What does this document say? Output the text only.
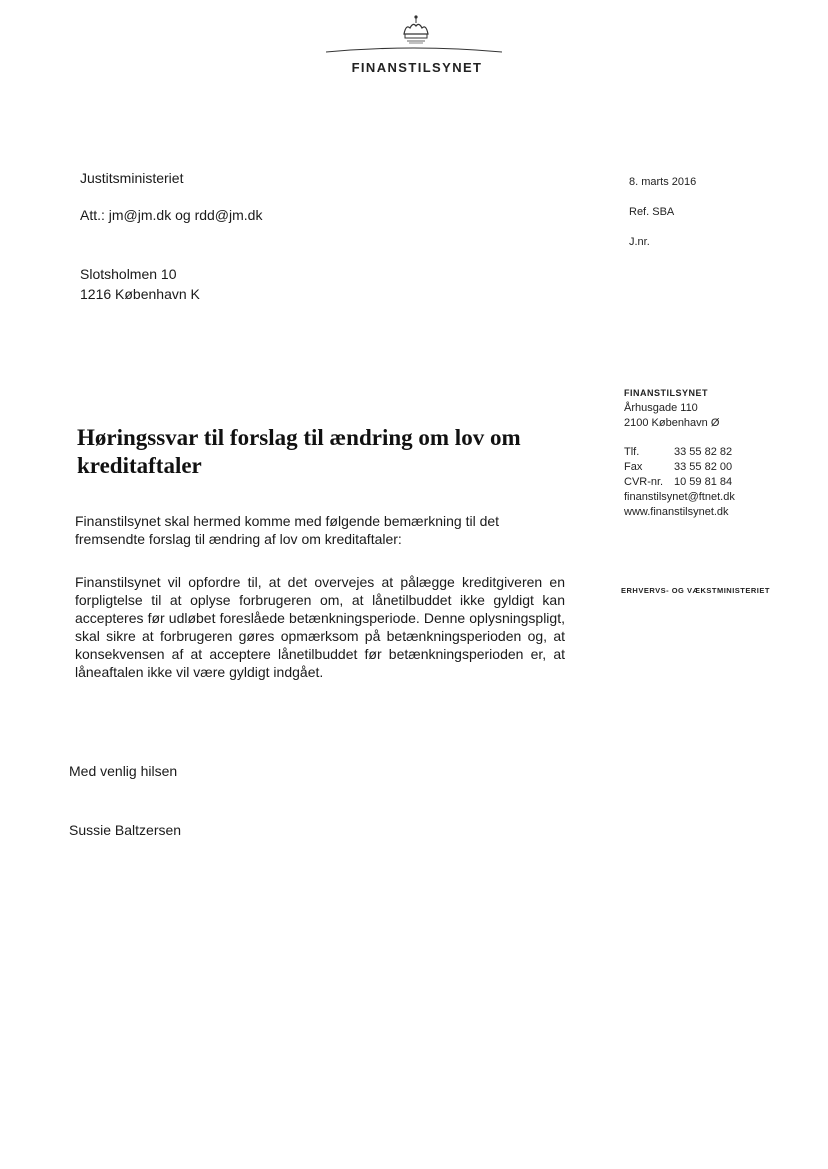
FINANSTILSYNET
Justitsministeriet
Att.: jm@jm.dk og rdd@jm.dk
Slotsholmen 10
1216 København K
8. marts 2016
Ref. SBA
J.nr.
FINANSTILSYNET
Århusgade 110
2100 København Ø
Tlf.	33 55 82 82
Fax	33 55 82 00
CVR-nr. 10 59 81 84
finanstilsynet@ftnet.dk
www.finanstilsynet.dk
ERHVERVS- OG VÆKSTMINISTERIET
Høringssvar til forslag til ændring om lov om kreditaftaler

Finanstilsynet skal hermed komme med følgende bemærkning til det fremsendte forslag til ændring af lov om kreditaftaler:

Finanstilsynet vil opfordre til, at det overvejes at pålægge kreditgiveren en forpligtelse til at oplyse forbrugeren om, at lånetilbuddet ikke gyldigt kan accepteres før udløbet foreslåede betænkningsperiode. Denne oplysningspligt, skal sikre at forbrugeren gøres opmærksom på betænkningsperioden og, at konsekvensen af at acceptere lånetilbuddet før betænkningsperioden er, at låneaftalen ikke vil være gyldigt indgået.

Med venlig hilsen
Sussie Baltzersen
